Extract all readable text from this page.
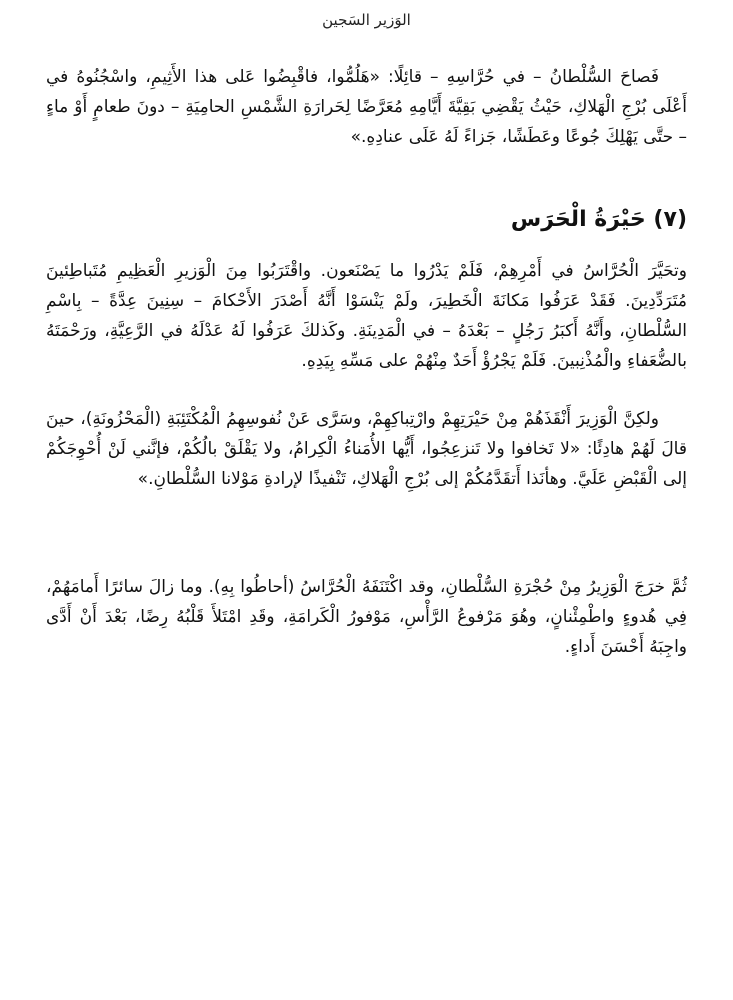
الوَزير السَجين

فَصاحَ السُّلْطانُ – في حُرَّاسِهِ – قائِلًا: «هَلُمُّوا، فاقْبِضُوا عَلى هذا الأَثِيمِ، واسْجُنُوهُ في أَعْلَى بُرْجِ الْهَلاكِ، حَيْثُ يَقْضِي بَقِيَّةَ أَيَّامِهِ مُعَرَّضًا لِحَرارَةِ الشَّمْسِ الحامِيَةِ – دونَ طعامٍ أَوْ ماءٍ – حتَّى يَهْلِكَ جُوعًا وعَطَشًا، جَزاءً لَهُ عَلَى عنادِهِ.»

(٧) حَيْرَةُ الْحَرَس

وتحَيَّرَ الْحُرَّاسُ في أَمْرِهِمْ، فَلَمْ يَدْرُوا ما يَصْنَعون. واقْتَرَبُوا مِنَ الْوَزيرِ الْعَظِيمِ مُتَباطِئينَ مُتَرَدِّدِينَ. فَقَدْ عَرَفُوا مَكانَةَ الْخَطِيرَ، ولَمْ يَنْسَوْا أَنَّهُ أَصْدَرَ الأَحْكامَ – سِنِينَ عِدَّةً – بِاسْمِ السُّلْطانِ، وأَنَّهُ أَكبَرُ رَجُلٍ – بَعْدَهُ – في الْمَدِينَةِ. وكَذلكَ عَرَفُوا لَهُ عَدْلَهُ في الرَّعِيَّةِ، ورَحْمَتَهُ بالضُّعَفاءِ والْمُذْنِبينَ. فَلَمْ يَجْرُؤْ أَحَدٌ مِنْهُمْ على مَسِّهِ بِيَدِهِ.

ولكِنَّ الْوَزِيرَ أَنْقَذَهُمْ مِنْ حَيْرَتِهِمْ وارْتِباكِهِمْ، وسَرَّى عَنْ نُفوسِهِمُ الْمُكْتَئِبَةِ (الْمَحْزُونَةِ)، حينَ قالَ لَهُمْ هادِئًا: «لا تَخافوا ولا تَنزعِجُوا، أَيُّها الأُمَناءُ الْكِرامُ، ولا يَقْلَقْ بالُكُمْ، فإنَّني لَنْ أُحْوِجَكُمْ إلى الْقَبْضِ عَلَيَّ. وهأنَذا أَتقَدَّمُكُمْ إلى بُرْجِ الْهَلاكِ، تَنْفيذًا لإرادةِ مَوْلانا السُّلْطانِ.»

ثُمَّ خرَجَ الْوَزِيرُ مِنْ حُجْرَةِ السُّلْطانِ، وقد اكْتَنَفَهُ الْحُرَّاسُ (أحاطُوا بِهِ). وما زالَ سائرًا أَمامَهُمْ، فِي هُدوءٍ واطْمِئْنانٍ، وهُوَ مَرْفوعُ الرَّأْسِ، مَوْفورُ الْكَرامَةِ، وقَدِ امْتَلأَ قَلْبُهُ رِضًا، بَعْدَ أَنْ أَدَّى واجِبَهُ أَحْسَنَ أَداءٍ.
